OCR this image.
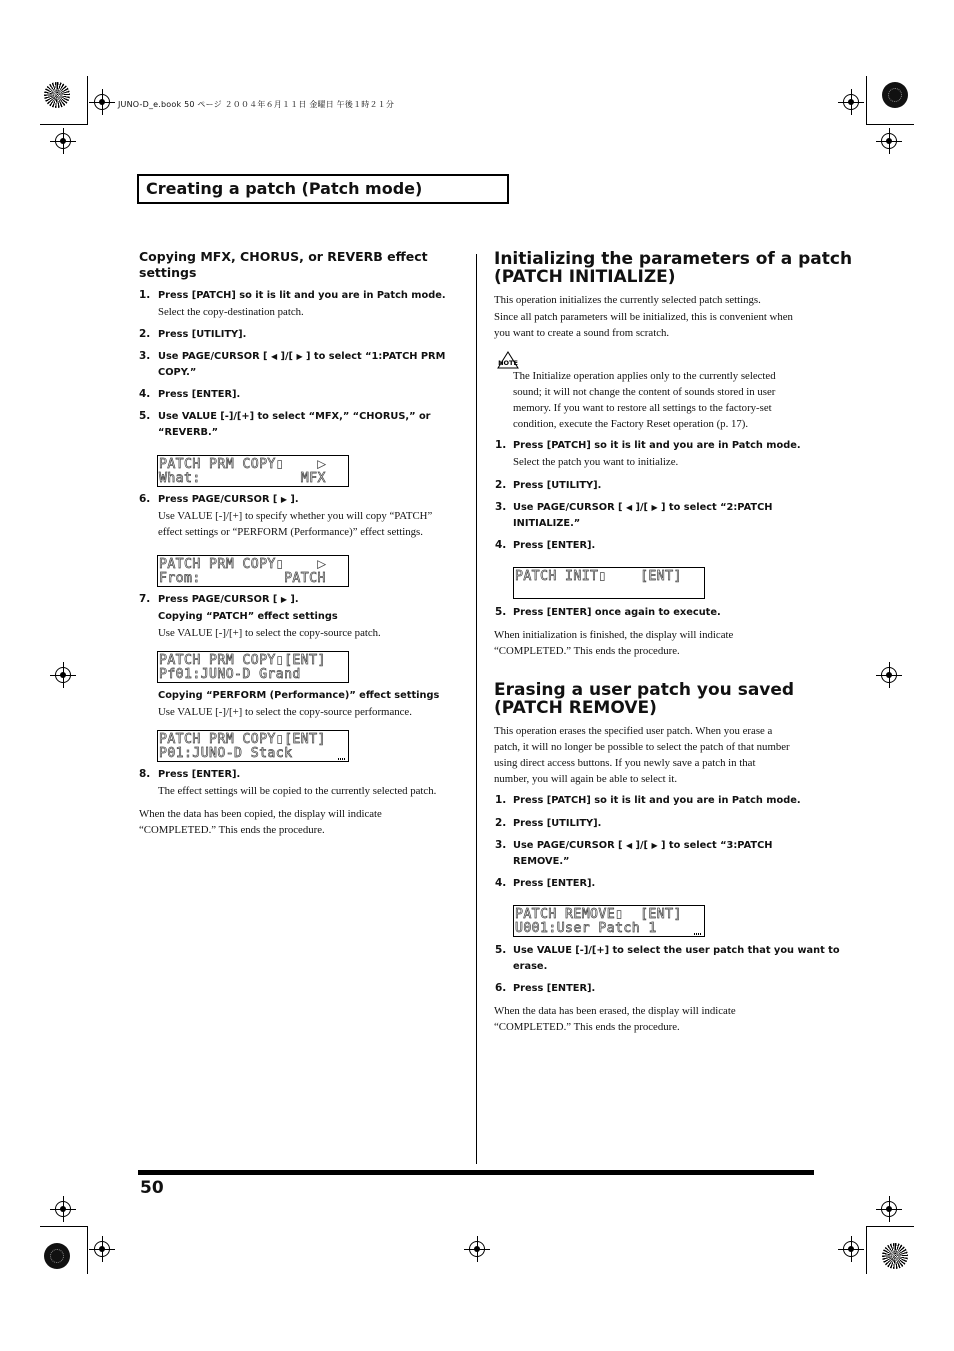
JUNO-D_e.book 50 ページ ２００４年６月１１日 金曜日 午後１時２１分
Creating a patch (Patch mode)
Copying MFX, CHORUS, or REVERB effect
settings
1. Press [PATCH] so it is lit and you are in Patch mode.
Select the copy-destination patch.
2. Press [UTILITY].
3. Use PAGE/CURSOR [ ◀ ]/[ ▶ ] to select “1:PATCH PRM
COPY.”
4. Press [ENTER].
5. Use VALUE [-]/[+] to select “MFX,” “CHORUS,” or
“REVERB.”
PATCH PRM COPY▮    ▶
What:            MFX
6. Press PAGE/CURSOR [ ▶ ].
Use VALUE [-]/[+] to specify whether you will copy “PATCH”
effect settings or “PERFORM (Performance)” effect settings.
PATCH PRM COPY▮    ▶
From:          PATCH
7. Press PAGE/CURSOR [ ▶ ].
Copying “PATCH” effect settings
Use VALUE [-]/[+] to select the copy-source patch.
PATCH PRM COPY▮[ENT]
Pf01:JUNO-D Grand
Copying “PERFORM (Performance)” effect settings
Use VALUE [-]/[+] to select the copy-source performance.
PATCH PRM COPY▮[ENT]
P01:JUNO-D Stack
8. Press [ENTER].
The effect settings will be copied to the currently selected patch.
When the data has been copied, the display will indicate
“COMPLETED.” This ends the procedure.
Initializing the parameters of a patch
(PATCH INITIALIZE)
This operation initializes the currently selected patch settings.
Since all patch parameters will be initialized, this is convenient when
you want to create a sound from scratch.
NOTE
The Initialize operation applies only to the currently selected
sound; it will not change the content of sounds stored in user
memory. If you want to restore all settings to the factory-set
condition, execute the Factory Reset operation (p. 17).
1. Press [PATCH] so it is lit and you are in Patch mode.
Select the patch you want to initialize.
2. Press [UTILITY].
3. Use PAGE/CURSOR [ ◀ ]/[ ▶ ] to select “2:PATCH
INITIALIZE.”
4. Press [ENTER].
PATCH INIT▮    [ENT]
5. Press [ENTER] once again to execute.
When initialization is finished, the display will indicate
“COMPLETED.” This ends the procedure.
Erasing a user patch you saved
(PATCH REMOVE)
This operation erases the specified user patch. When you erase a
patch, it will no longer be possible to select the patch of that number
using direct access buttons. If you newly save a patch in that
number, you will again be able to select it.
1. Press [PATCH] so it is lit and you are in Patch mode.
2. Press [UTILITY].
3. Use PAGE/CURSOR [ ◀ ]/[ ▶ ] to select “3:PATCH
REMOVE.”
4. Press [ENTER].
PATCH REMOVE▮  [ENT]
U001:User Patch 1
5. Use VALUE [-]/[+] to select the user patch that you want to
erase.
6. Press [ENTER].
When the data has been erased, the display will indicate
“COMPLETED.” This ends the procedure.
50
